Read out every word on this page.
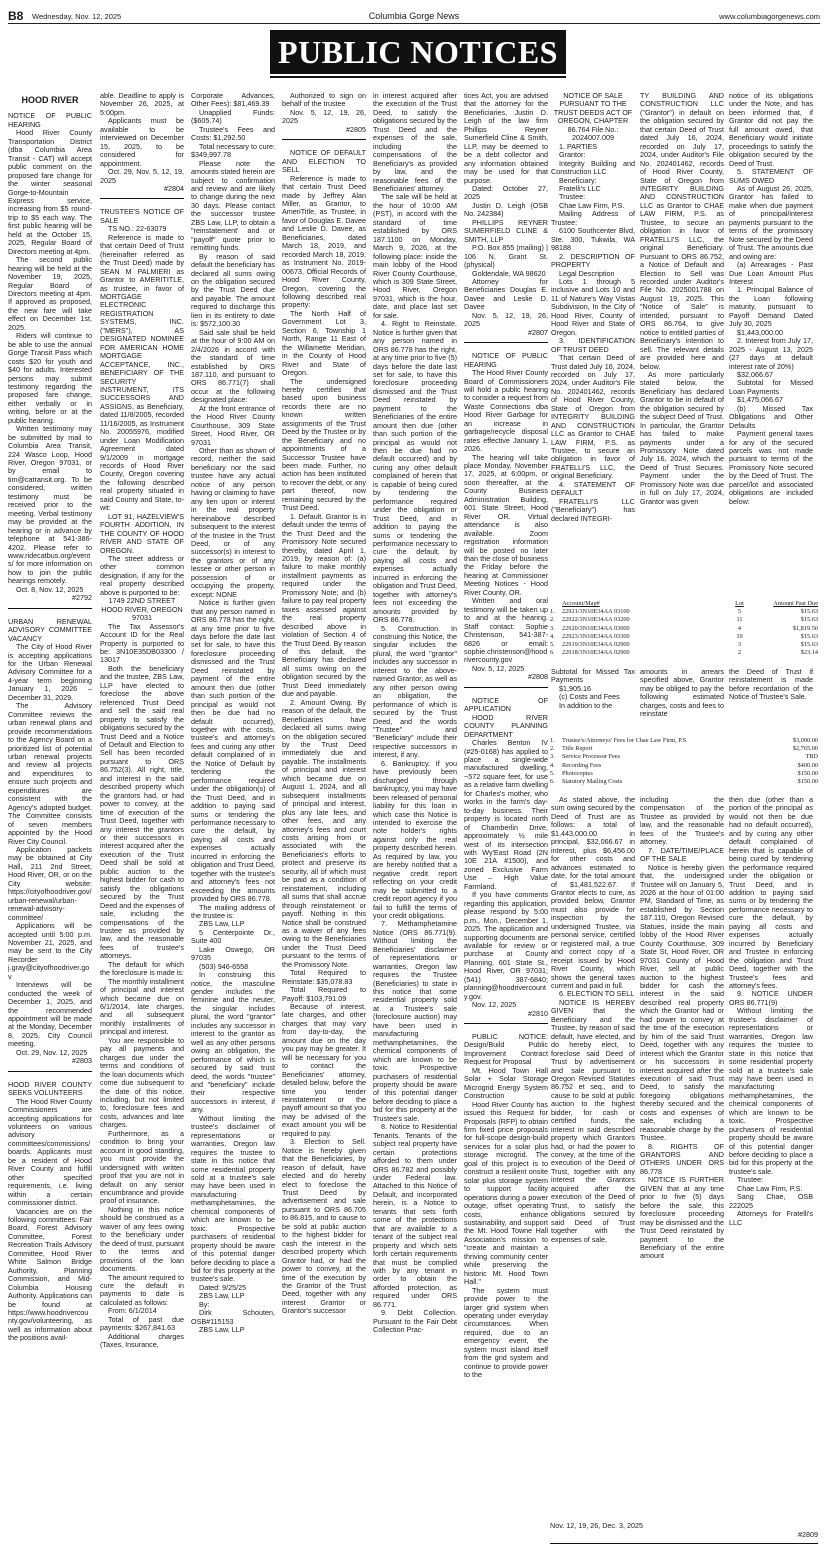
B8 Wednesday, Nov. 12, 2025	Columbia Gorge News	www.columbiagorgenews.com
PUBLIC NOTICES
HOOD RIVER
NOTICE OF PUBLIC HEARING
Hood River County Transportation District (dba Columbia Area Transit - CAT) will accept public comment on the proposed fare change for the winter seasonal Gorge-to-Mountain Express service, increasing from $5 round-trip to $5 each way. The first public hearing will be held at the October 15, 2025, Regular Board of Directors meeting at 4pm.
The second public hearing will be held at the November 19, 2025, Regular Board of Directors meeting at 4pm. If approved as proposed, the new fare will take effect on December 1st, 2025.
Riders will continue to be able to use the annual Gorge Transit Pass which costs $20 for youth and $40 for adults. Interested persons may submit testimony regarding the proposed fare change, either verbally or in writing, before or at the public hearing.
Written testimony may be submitted by mail to Columbia Area Transit, 224 Wasco Loop, Hood River, Oregon 97031, or by email to tim@catransit.org. To be considered, written testimony must be received prior to the meeting. Verbal testimony may be provided at the hearing or in advance by telephone at 541-386-4202. Please refer to www.ridecatbus.org/events/ for more information on how to join the public hearings remotely.
Oct. 8, Nov. 12, 2025
#2792
URBAN RENEWAL ADVISORY COMMITTEE VACANCY
The City of Hood River is accepting applications for the Urban Renewal Advisory Committee for a 4-year term beginning January 1, 2026 – December 31, 2029.
The Advisory Committee reviews the urban renewal plans and provide recommendations to the Agency Board on a prioritized list of potential urban renewal projects and review all projects and expenditures to ensure such projects and expenditures are consistent with the Agency's adopted budget. The Committee consists of seven members appointed by the Hood River City Council.
Application packets may be obtained at City Hall, 211 2nd Street, Hood River, OR, or on the City website: https://cityofhoodriver.gov/urban-renewal/urban-renewal-advisory-committee/
Applications will be accepted until 5:00 p.m. November 21, 2025, and may be sent to the City Recorder j.gray@cityofhoodriver.gov
Interviews will be conducted the week of December 1, 2025, and the recommended appointment will be made at the Monday, December 8, 2025, City Council meeting.
Oct. 29, Nov. 12, 2025
#2803
HOOD RIVER COUNTY SEEKS VOLUNTEERS
The Hood River County Commissioners are accepting applications for volunteers on various advisory committees/commissions/boards. Applicants must be a resident of Hood River County and fulfill other specified requirements, i.e. living within a certain commissioner district.
Vacancies are on the following committees: Fair Board, Forest Advisory Committee, Forest Recreation Trails Advisory Committee, Hood River White Salmon Bridge Authority, Planning Commission, and Mid-Columbia Housing Authority. Applications can be found at https://www.hoodrivercounty.gov/volunteering, as well as information about the positions avail-
able. Deadline to apply is November 26, 2025, at 5:00pm.
Applicants must be available to be interviewed on December 15, 2025, to be considered for appointment.
Oct. 29, Nov. 5, 12, 19, 2025
#2804
TRUSTEE'S NOTICE OF SALE
TS NO.: 22-63079
Reference is made to that certain Deed of Trust (hereinafter referred as the Trust Deed) made by SEAN M PALMIERI as Grantor to AMERITITLE, as trustee, in favor of MORTGAGE ELECTRONIC REGISTRATION SYSTEMS, INC. ("MERS"), AS DESIGNATED NOMINEE FOR AMERICAN HOME MORTGAGE ACCEPTANCE, INC., BENEFICIARY OF THE SECURITY INSTRUMENT, ITS SUCCESSORS AND ASSIGNS, as Beneficiary, dated 11/8/2005, recorded 11/16/2005, as Instrument No. 20055976, modified under Loan Modification Agreement dated 9/1/2009 in mortgage records of Hood River County, Oregon covering the following described real property situated in said County and State, to-wit:
LOT 91, HAZELVIEW'S FOURTH ADDITION, IN THE COUNTY OF HOOD RIVER AND STATE OF OREGON.
The street address or other common designation, if any for the real property described above is purported to be:
1749 22ND STREET HOOD RIVER, OREGON 97031
The Tax Assessor's Account ID for the Real Property is purported to be: 3N10E35DB03300 / 13017
Both the beneficiary and the trustee, ZBS Law, LLP have elected to foreclose the above referenced Trust Deed and sell the said real property to satisfy the obligations secured by the Trust Deed and a Notice of Default and Election to Sell has been recorded pursuant to ORS 86.752(3). All right, title, and interest in the said described property which the grantors had, or had power to convey, at the time of execution of the Trust Deed, together with any interest the grantors or their successors in interest acquired after the execution of the Trust Deed shall be sold at public auction to the highest bidder for cash to satisfy the obligations secured by the Trust Deed and the expenses of sale, including the compensations of the trustee as provided by law, and the reasonable fees of trustee's attorneys.
The default for which the foreclosure is made is:
The monthly installment of principal and interest which became due on 6/1/2014, late charges, and all subsequent monthly installments of principal and interest.
You are responsible to pay all payments and charges due under the terms and conditions of the loan documents which come due subsequent to the date of this notice, including, but not limited to, foreclosure fees and costs, advances and late charges.
Furthermore, as a condition to bring your account in good standing, you must provide the undersigned with written proof that you are not in default on any senior encumbrance and provide proof of insurance.
Nothing in this notice should be construed as a waiver of any fees owing to the beneficiary under the deed of trust, pursuant to the terms and provisions of the loan documents.
The amount required to cure the default in payments to date is calculated as follows:
From: 6/1/2014
Total of past due payments: $267,841.63
Additional charges (Taxes, Insurance,
Corporate Advances, Other Fees): $81,469.39
Unapplied Funds: ($605.74)
Trustee's Fees and Costs: $1,292.50
Total necessary to cure: $349,997.78
Please note the amounts stated herein are subject to confirmation and review and are likely to change during the next 30 days. Please contact the successor trustee ZBS Law, LLP, to obtain a "reinstatement' and or "payoff" quote prior to remitting funds.
By reason of said default the beneficiary has declared all sums owing on the obligation secured by the Trust Deed due and payable. The amount required to discharge this lien in its entirety to date is: $572,100.30
Said sale shall be held at the hour of 9:00 AM on 2/4/2026 in accord with the standard of time established by ORS 187.110, and pursuant to ORS 86.771(7) shall occur at the following designated place:
At the front entrance of the Hood River County Courthouse, 309 State Street, Hood River, OR 97031
Other than as shown of record, neither the said beneficiary nor the said trustee have any actual notice of any person having or claiming to have any lien upon or interest in the real property hereinabove described subsequent to the interest of the trustee in the Trust Deed, or of any successor(s) in interest to the grantors or of any lessee or other person in possession of or occupying the property, except: NONE
Notice is further given that any person named in ORS 86.778 has the right, at any time prior to five days before the date last set for sale, to have this foreclosure proceeding dismissed and the Trust Deed reinstated by payment of the entire amount then due (other than such portion of the principal as would not then be due had no default occurred), together with the costs, trustee's and attorney's fees and curing any other default complained of in the Notice of Default by tendering the performance required under the obligation(s) of the Trust Deed, and in addition to paying said sums or tendering the performance necessary to cure the default, by paying all costs and expenses actually incurred in enforcing the obligation and Trust Deed, together with the trustee's and attorney's fees not exceeding the amounts provided by ORS 86.778.
The mailing address of the trustee is:
ZBS Law, LLP
5 Centerpointe Dr., Suite 400
Lake Oswego, OR 97035
(503) 946-6558
In construing this notice, the masculine gender includes the feminine and the neuter, the singular includes plural, the word "grantor" includes any successor in interest to the grantor as well as any other persons owing an obligation, the performance of which is secured by said trust deed, the words "trustee" and "beneficiary" include their respective successors in interest, if any.
Without limiting the trustee's disclaimer of representations or warranties, Oregon law requires the trustee to state in this notice that some residential property sold at a trustee's sale may have been used in manufacturing methamphetamines, the chemical components of which are known to be toxic. Prospective purchasers of residential property should be aware of this potential danger before deciding to place a bid for this property at the trustee's sale.
Dated: 9/25/25
ZBS Law, LLP
By:
Dirk Schouten, OSB#115153
ZBS Law, LLP
Authorized to sign on behalf of the trustee
Nov. 5, 12, 19, 26, 2025
#2805
NOTICE OF DEFAULT AND ELECTION TO SELL
Reference is made to that certain Trust Deed made by Jeffrey Alan Miller, as Grantor, to AmeriTitle, as Trustee, in favor of Douglas E. Davee and Leslie D. Davee, as Beneficiaries, dated March 18, 2019, and recorded March 18, 2019, as Instrument No. 2019-00673, Official Records of Hood River County, Oregon, covering the following described real property:
The North Half of Government Lot 3, Section 6, Township 1 North, Range 11 East of the Willamette Meridian, in the County of Hood River and State of Oregon.
The undersigned hereby certifies that based upon business records there are no known written assignments of the Trust Deed by the Trustee or by the Beneficiary and no appointments of a Successor Trustee have been made. Further, no action has been instituted to recover the debt, or any part thereof, now remaining secured by the Trust Deed.
1. Default. Grantor is in default under the terms of the Trust Deed and the Promissory Note secured thereby, dated April 1, 2019, by reason of: (a) failure to make monthly installment payments as required under the Promissory Note; and (b) failure to pay real property taxes assessed against the real property described above in violation of Section 4 of the Trust Deed. By reason of this default, the Beneficiary has declared all sums owing on the obligation secured by the Trust Deed immediately due and payable.
2. Amount Owing. By reason of the default, the Beneficiaries have declared all sums owing on the obligation secured by the Trust Deed immediately due and payable. The installments of principal and interest which became due on August 1, 2024, and all subsequent installments of principal and interest, plus any late fees, and other fees, and any attorney's fees and court costs arising from or associated with the Beneficiaries's efforts to protect and preserve its security, all of which must be paid as a condition of reinstatement, including all sums that shall accrue through reinstatement or payoff. Nothing in this Notice shall be construed as a waiver of any fees owing to the Beneficiaries under the Trust Deed pursuant to the terms of the Promissory Note.
Total Required to Reinstate: $35,078.83
Total Required to Payoff: $103,791.09
Because of interest, late charges, and other charges that may vary from day-to-day, the amount due on the day you pay may be greater. It will be necessary for you to contact the Beneficiaries' attorney, detailed below, before the time you tender reinstatement or the payoff amount so that you may be advised of the exact amount you will be required to pay.
3. Election to Sell. Notice is hereby given that the Beneficiaries, by reason of default, have elected and do hereby elect to foreclose the Trust Deed by advertisement and sale pursuant to ORS 86.705 to 86.815, and to cause to be sold at public auction to the highest bidder for cash the interest in the described property which Grantor had, or had the power to convey, at the time of the execution by the Grantor of the Trust Deed, together with any interest Grantor or Grantor's successor
in interest acquired after the execution of the Trust Deed, to satisfy the obligations secured by the Trust Deed and the expenses of the sale, including the compensations of the Beneficiary's as provided by law, and the reasonable fees of the Beneficiaries' attorney.
The sale will be held at the hour of 10:00 AM (PST), in accord with the standard of time established by ORS 187.1100 on Monday, March 9, 2026, at the following place: inside the main lobby of the Hood River County Courthouse, which is 309 State Street, Hood River, Oregon 97031, which is the hour, date, and place last set for sale.
4. Right to Reinstate. Notice is further given that any person named in ORS 86.778 has the right, at any time prior to five (5) days before the date last set for sale, to have this foreclosure proceeding dismissed and the Trust Deed reinstated by payment to the Beneficiaries of the entire amount then due (other than such portion of the principal as would not then be due had no default occurred) and by curing any other default complained of herein that is capable of being cured by tendering the performance required under the obligation or Trust Deed, and in addition to paying the sums or tendering the performance necessary to cure the default, by paying all costs and expenses actually incurred in enforcing the obligation and Trust Deed, together with attorney's fees not exceeding the amounts provided by ORS 86.778.
5. Construction. In construing this Notice, the singular includes the plural, the word "grantor" includes any successor in interest to the above-named Grantor, as well as any other person owing an obligation, the performance of which is secured by the Trust Deed, and the words "Trustee" and "Beneficiary" include their respective successors in interest, if any.
6. Bankruptcy. If you have previously been discharged through bankruptcy, you may have been released of personal liability for this loan in which case this Notice is intended to exercise the note holder's rights against only the real property described herein. As required by law, you are hereby notified that a negative credit report reflecting on your credit may be submitted to a credit report agency if you fail to fulfill the terms of your credit obligations.
7. Methamphetamine Notice (ORS 86.771(9). Without limiting the Beneficiaries' disclaimer of representations or warranties, Oregon law requires the Trustee (Beneficiaries) to state in this notice that some residential property sold at a Trustee's sale (foreclosure auction) may have been used in manufacturing methamphetamines, the chemical components of which are known to be toxic. Prospective purchasers of residential property should be aware of this potential danger before deciding to place a bid for this property at the Trustee's sale.
8. Notice to Residential Tenants. Tenants of the subject real property have certain protections afforded to them under ORS 86.782 and possibly under Federal law. Attached to this Notice of Default, and incorporated herein, is a Notice to tenants that sets forth some of the protections that are available to a tenant of the subject real property and which sets forth certain requirements that must be complied with by any tenant in order to obtain the afforded protection, as required under ORS 86.771.
9. Debt Collection. Pursuant to the Fair Debt Collection Prac-
tices Act, you are advised that the attorney for the Beneficiaries, Justin D. Leigh of the law firm Phillips Reyner Sumerfield Cline & Smith, LLP, may be deemed to be a debt collector and any information obtained may be used for that purpose.
Dated: October 27, 2025
Justin D. Leigh (OSB No. 242384)
PHILLIPS REYNER SUMERFIELD CLINE & SMITH, LLP
P.O. Box 855 (mailing) | 106 N. Grant St. (physical)
Goldendale, WA 98620
Attorney for Beneficiaries Douglas E. Davee and Leslie D. Davee
Nov. 5, 12, 19, 26, 2025
#2807
NOTICE OF PUBLIC HEARING
The Hood River County Board of Commissioners will hold a public hearing to consider a request from Waste Connections dba Hood River Garbage for an increase in garbage/recycle disposal rates effective January 1, 2026.
The hearing will take place Monday, November 17, 2025, at 6:00pm, or soon thereafter, at the County Business Administration Building, 601 State Street, Hood River OR. Virtual attendance is also available. Zoom registration information will be posted no later than the close of business the Friday before the hearing at Commissioner Meeting Notices - Hood River County, OR.
Written and oral testimony will be taken up to and at the hearing. Staff contact: Sophie Christenson, 541-387-6826 or email: sophie.christenson@hoodrivercounty.gov
Nov. 5, 12, 2025
#2808
NOTICE OF APPLICATION
HOOD RIVER COUNTY PLANNING DEPARTMENT
Charles Benton IV (#25-0168) has applied to place a single-wide manufactured dwelling, ~572 square feet, for use as a relative farm dwelling for Charles's mother, who works in the farm's day-to-day business. Their property is located north of Chamberlin Drive, approximately ½ mile west of its intersection with Wy'East Road (2N 10E 21A #1500), and zoned Exclusive Farm Use – High Value Farmland.
If you have comments regarding this application, please respond by 5:00 p.m., Mon., December 1, 2025. The application and supporting documents are available for review or purchase at County Planning, 601 State St., Hood River, OR 97031; (541) 387-6840; planning@hoodrivercounty.gov.
Nov. 12, 2025
#2810
PUBLIC NOTICE: Design/Build Public Improvement Contract Request for Proposal
Mt. Hood Town Hall Solar + Solar Storage Microgrid Energy System Construction
Hood River County has issued this Request for Proposals (RFP) to obtain firm fixed price proposals for full-scope design-build services for a solar plus storage microgrid. The goal of this project is to construct a resilient onsite solar plus storage system to support facility operations during a power outage, offset operating costs, enhance sustainability, and support the Mt. Hood Towne Hall Association's mission to "create and maintain a thriving community center while preserving the historic Mt. Hood Town Hall."
The system must provide power to the larger grid system when operating under everyday circumstances. When required, due to an emergency event, the system must island itself from the grid system and continue to provide power to the
NOTICE OF SALE PURSUANT TO THE TRUST DEEDS ACT OF OREGON, CHAPTER 86.764 File No.: 2024007.009
1. PARTIES
Grantor:
Integrity Building and Construction LLC
Beneficiary:
Fratelli's LLC
Trustee:
Chae Law Firm, P.S.
Mailing Address of Trustee:
6100 Southcenter Blvd, Ste. 300, Tukwila, WA 98188
2. DESCRIPTION OF PROPERTY
Legal Description
Lots 1 through 5 inclusive and Lots 10 and 11 of Nature's Way Vistas Subdivision, In the City of Hood River, County of Hood River and State of Oregon.
3. IDENTIFICATION OF TRUST DEED
That certain Deed of Trust dated July 16, 2024, recorded on July 17, 2024, under Auditor's File No. 202401462, records of Hood River County, State of Oregon from INTEGRITY BUILDING AND CONSTRUCTION LLC as Grantor to CHAE LAW FIRM, P.S. as Trustee, to secure an obligation in favor of FRATELLI'S LLC, the original Beneficiary.
4. STATEMENT OF DEFAULT
FRATELLI'S LLC ("Beneficiary") has declared INTEGRI-
TY BUILDING AND CONSTRUCTION LLC ("Grantor") in default on the obligation secured by that certain Deed of Trust dated July 16, 2024, recorded on July 17, 2024, under Auditor's File No. 202401462, records of Hood River County, State of Oregon from INTEGRITY BUILDING AND CONSTRUCTION LLC as Grantor to CHAE LAW FIRM, P.S. as Trustee, to secure an obligation in favor of FRATELLI'S LLC, the original Beneficiary. Pursuant to ORS 86.752, a Notice of Default and Election to Sell was recorded under Auditor's File No. 2025001788 on August 19, 2025. This "Notice of Sale" is intended, pursuant to ORS 86.764, to give notice to entitled parties of Beneficiary's intention to sell. The relevant details are provided here and below.
As more particularly stated below, the Beneficiary has declared Grantor to be in default of the obligation secured by the subject Deed of Trust. In particular, the Grantor has failed to make payments under a Promissory Note dated July 16, 2024, which the Deed of Trust Secures. Payment under the Promissory Note was due in full on July 17, 2024, Grantor was given
notice of its obligations under the Note, and has been informed that, if Grantor did not pay the full amount owed, that Beneficiary would initiate proceedings to satisfy the obligation secured by the Deed of Trust.
5. STATEMENT OF SUMS OWED
As of August 26, 2025, Grantor has failed to make when due payment of principal/interest payments pursuant to the terms of the promissory Note secured by the Deed of Trust. The amounts due and owing are:
(a) Arrearages - Past Due Loan Amount Plus Interest
1. Principal Balance of the Loan following maturity, pursuant to Payoff Demand Dated July 30, 2025
$1,443,000.00
2. Interest from July 17, 2025 - August 13, 2025 (27 days at default interest rate of 20%)
$32,066.67
Subtotal for Missed Loan Payments
$1,475,066.67
(b) Missed Tax Obligations and Other Defaults
Payment general taxes for any of the secured parcels was not made pursuant to terms of the Promissory Note secured by the Deed of Trust. The parcel/lot and associated obligations are included below:
Subtotal for Missed Tax Payments
$1,905.16
(c) Costs and Fees
In addition to the
amounts in arrears specified above, Grantor may be obliged to pay the following estimated charges, costs and fees to reinstate
the Deed of Trust if reinstatement is made before recordation of the Notice of Trustee's Sale.
As stated above, the sum owing secured by the Deed of Trust are as follows: a total of $1,443,000.00 in principal, $32,066.67 in interest, plus $6,456.00 for other costs and advances estimated to date, for the total amount of $1,481,522.67. If Grantor elects to cure, as provided below, Grantor must also provide for inspection by the undersigned Trustee, via personal service, certified or registered mail, a true and correct copy of a receipt issued by Hood River County, which shows the general taxes current and paid in full.
6. ELECTION TO SELL
NOTICE IS HEREBY GIVEN that the Beneficiary and the Trustee, by reason of said default, have elected, and do hereby elect, to foreclose said Deed of Trust by advertisement and sale pursuant to Oregon Revised Statutes 86.752 et seq., and to cause to be sold at public auction to the highest bidder, for cash or certified funds, the interest in said described property which Grantors had, or had the power to convey, at the time of the execution of the Deed of Trust, together with any interest the Grantors acquired after the execution of the Deed of Trust, to satisfy the obligations secured by said Deed of Trust together with the expenses of sale,
including the compensation of the Trustee as provided by law, and the reasonable fees of the Trustee's attorney.
7. DATE/TIME/PLACE OF THE SALE
Notice is hereby given that, the undersigned Trustee will on January 5, 2026 at the hour of 01:00 PM, Standard of Time, as established by Section 187.110, Oregon Revised Statues, inside the main lobby of the Hood River County Courthouse, 309 State St, Hood River, OR 97031 County of Hood River, sell at public auction to the highest bidder for cash the interest in the said described real property which the Grantor had or had power to convey at the time of the execution by him of the said Trust Deed, together with any interest which the Grantor or his successors in interest acquired after the execution of said Trust Deed, to satisfy the foregoing obligations thereby secured and the costs and expenses of sale, including a reasonable charge by the Trustee.
8. RIGHTS OF GRANTORS AND OTHERS UNDER ORS 86.778
NOTICE IS FURTHER GIVEN that at any time prior to five (5) days before the sale, this foreclosure proceeding may be dismissed and the Trust Deed reinstated by payment to the Beneficiary of the entire amount
then due (other than a portion of the principal as would not then be due had no default occurred), and by curing any other default complained of herein that is capable of being cured by tendering the performance required under the obligation or Trust Deed, and in addition to paying said sums or by tendering the performance necessary to cure the default, by paying all costs and expenses actually incurred by Beneficiary and Trustee in enforcing the obligation and Trust Deed, together with the Trustee's fees and attorney's fees.
9. NOTICE UNDER ORS 86.771(9)
Without limiting the trustee's disclaimer of representations or warranties, Oregon law requires the trustee to state in this notice that some residential property sold at a trustee's sale may have been used in manufacturing methamphetamines, the chemical components of which are known to be toxic. Prospective purchasers of residential property should be aware of this potential danger before deciding to place a bid for this property at the trustee's sale.
Trustee:
Chae Law Firm, P.S.
Sang Chae, OSB 222025
Attorneys for Fratelli's LLC
Account/Map#	Lot	Amount Past Due
1.	22921/3N10E34AA 03100	5	$15.63
2.	22922/3N10E34AA 03200	11	$15.63
3.	22920/3N10E34AA 03000	4	$1,819.50
4.	22923/3N10E34AA 03300	10	$15.63
5.	22919/3N10E34AA 02900	3	$15.63
6.	22918/3N10E34AA 02900	2	$23.14
1.	Trustee's/Attorneys' Fees for Chae Law Firm, P.S	$3,000.00
2.	Title Report	$2,765.00
3.	Service Processor Fees	TBD
4.	Recording Fees	$400.00
5.	Photocopies	$150.00
6.	Statutory Mailing Costs	$150.00
Nov. 12, 19, 26, Dec. 3, 2025
#2809
